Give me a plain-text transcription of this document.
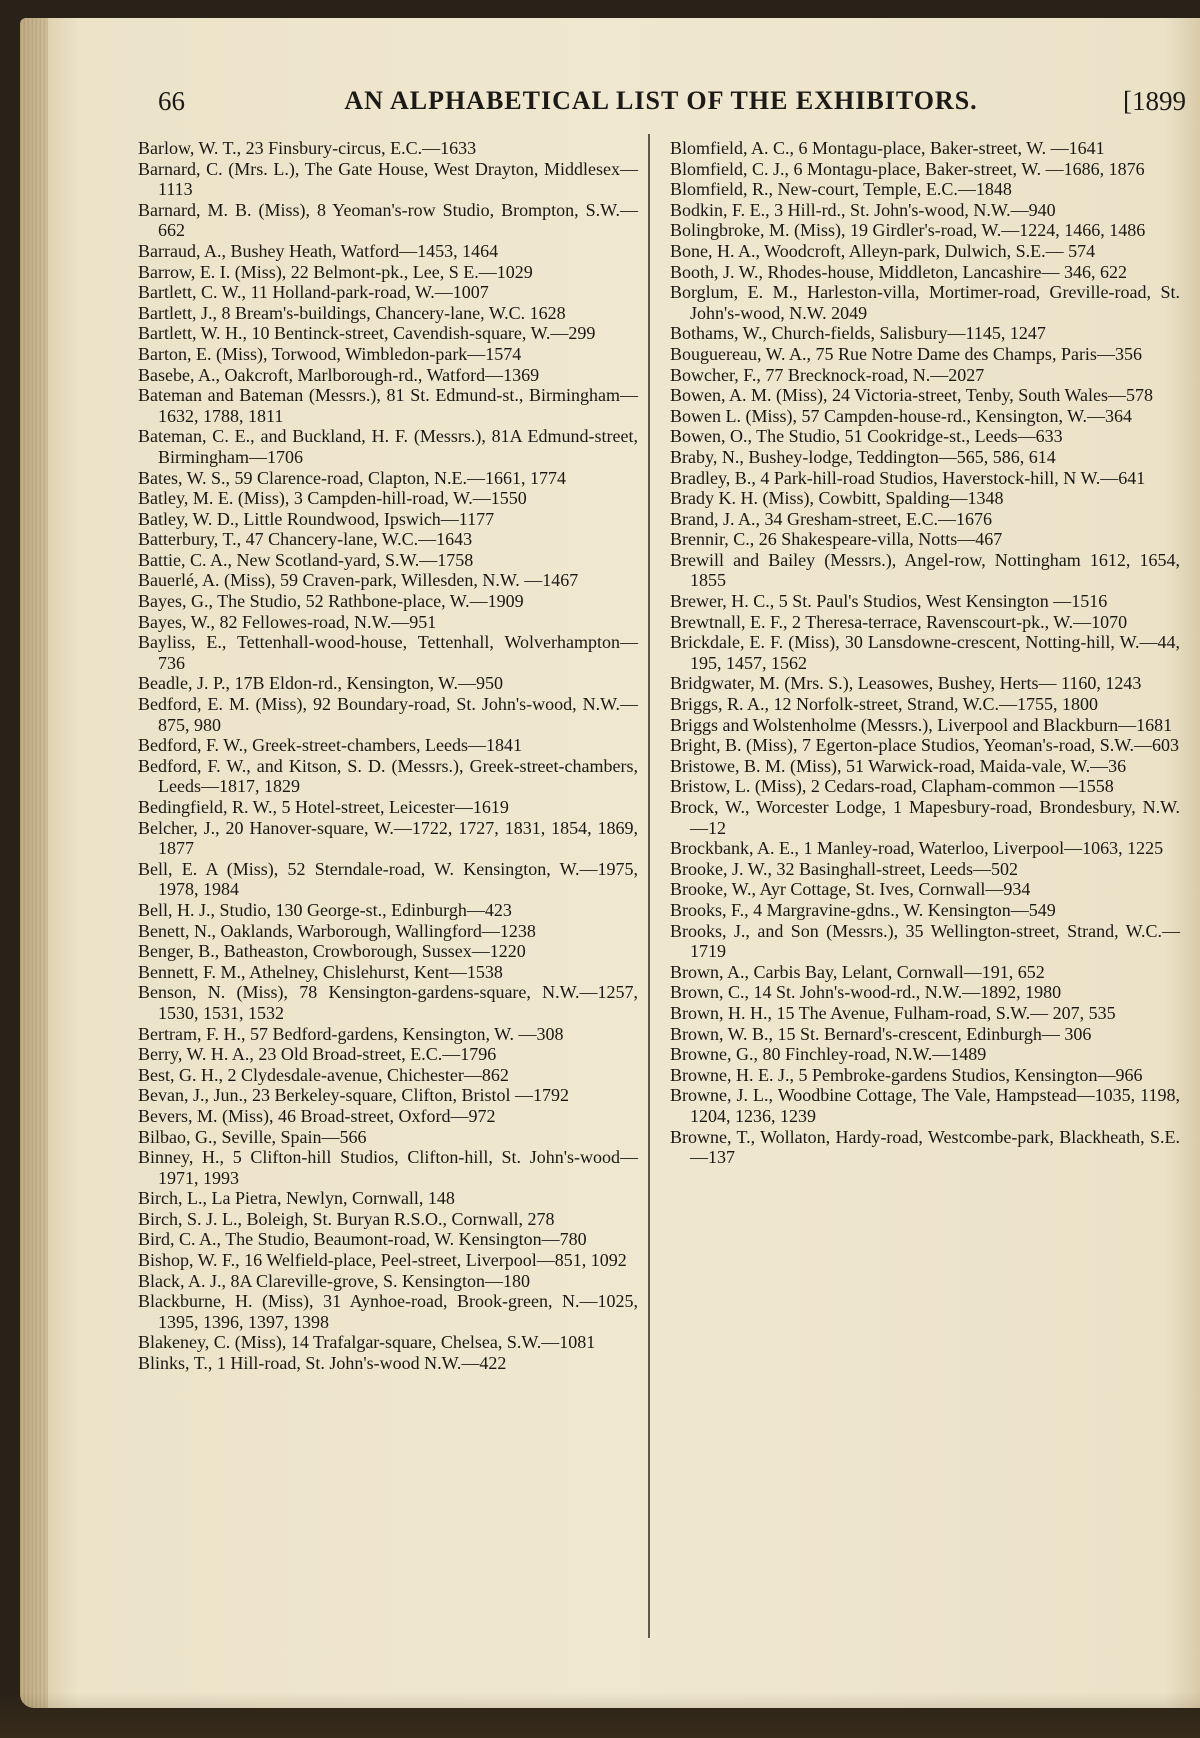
66	AN ALPHABETICAL LIST OF THE EXHIBITORS.	[1899

Barlow, W. T., 23 Finsbury-circus, E.C.—1633

Barnard, C. (Mrs. L.), The Gate House, West Drayton, Middlesex—1113

Barnard, M. B. (Miss), 8 Yeoman's-row Studio, Brompton, S.W.—662

Barraud, A., Bushey Heath, Watford—1453, 1464

Barrow, E. I. (Miss), 22 Belmont-pk., Lee, S E.—1029

Bartlett, C. W., 11 Holland-park-road, W.—1007

Bartlett, J., 8 Bream's-buildings, Chancery-lane, W.C. 1628

Bartlett, W. H., 10 Bentinck-street, Cavendish-square, W.—299

Barton, E. (Miss), Torwood, Wimbledon-park—1574

Basebe, A., Oakcroft, Marlborough-rd., Watford—1369

Bateman and Bateman (Messrs.), 81 St. Edmund-st., Birmingham—1632, 1788, 1811

Bateman, C. E., and Buckland, H. F. (Messrs.), 81A Edmund-street, Birmingham—1706

Bates, W. S., 59 Clarence-road, Clapton, N.E.—1661, 1774

Batley, M. E. (Miss), 3 Campden-hill-road, W.—1550

Batley, W. D., Little Roundwood, Ipswich—1177

Batterbury, T., 47 Chancery-lane, W.C.—1643

Battie, C. A., New Scotland-yard, S.W.—1758

Bauerlé, A. (Miss), 59 Craven-park, Willesden, N.W. —1467

Bayes, G., The Studio, 52 Rathbone-place, W.—1909

Bayes, W., 82 Fellowes-road, N.W.—951

Bayliss, E., Tettenhall-wood-house, Tettenhall, Wolverhampton—736

Beadle, J. P., 17B Eldon-rd., Kensington, W.—950

Bedford, E. M. (Miss), 92 Boundary-road, St. John's-wood, N.W.—875, 980

Bedford, F. W., Greek-street-chambers, Leeds—1841

Bedford, F. W., and Kitson, S. D. (Messrs.), Greek-street-chambers, Leeds—1817, 1829

Bedingfield, R. W., 5 Hotel-street, Leicester—1619

Belcher, J., 20 Hanover-square, W.—1722, 1727, 1831, 1854, 1869, 1877

Bell, E. A (Miss), 52 Sterndale-road, W. Kensington, W.—1975, 1978, 1984

Bell, H. J., Studio, 130 George-st., Edinburgh—423

Benett, N., Oaklands, Warborough, Wallingford—1238

Benger, B., Batheaston, Crowborough, Sussex—1220

Bennett, F. M., Athelney, Chislehurst, Kent—1538

Benson, N. (Miss), 78 Kensington-gardens-square, N.W.—1257, 1530, 1531, 1532

Bertram, F. H., 57 Bedford-gardens, Kensington, W. —308

Berry, W. H. A., 23 Old Broad-street, E.C.—1796

Best, G. H., 2 Clydesdale-avenue, Chichester—862

Bevan, J., Jun., 23 Berkeley-square, Clifton, Bristol —1792

Bevers, M. (Miss), 46 Broad-street, Oxford—972

Bilbao, G., Seville, Spain—566

Binney, H., 5 Clifton-hill Studios, Clifton-hill, St. John's-wood—1971, 1993

Birch, L., La Pietra, Newlyn, Cornwall, 148

Birch, S. J. L., Boleigh, St. Buryan R.S.O., Cornwall, 278

Bird, C. A., The Studio, Beaumont-road, W. Kensington—780

Bishop, W. F., 16 Welfield-place, Peel-street, Liverpool—851, 1092

Black, A. J., 8A Clareville-grove, S. Kensington—180

Blackburne, H. (Miss), 31 Aynhoe-road, Brook-green, N.—1025, 1395, 1396, 1397, 1398

Blakeney, C. (Miss), 14 Trafalgar-square, Chelsea, S.W.—1081

Blinks, T., 1 Hill-road, St. John's-wood N.W.—422

Blomfield, A. C., 6 Montagu-place, Baker-street, W. —1641

Blomfield, C. J., 6 Montagu-place, Baker-street, W. —1686, 1876

Blomfield, R., New-court, Temple, E.C.—1848

Bodkin, F. E., 3 Hill-rd., St. John's-wood, N.W.—940

Bolingbroke, M. (Miss), 19 Girdler's-road, W.—1224, 1466, 1486

Bone, H. A., Woodcroft, Alleyn-park, Dulwich, S.E.— 574

Booth, J. W., Rhodes-house, Middleton, Lancashire— 346, 622

Borglum, E. M., Harleston-villa, Mortimer-road, Greville-road, St. John's-wood, N.W. 2049

Bothams, W., Church-fields, Salisbury—1145, 1247

Bouguereau, W. A., 75 Rue Notre Dame des Champs, Paris—356

Bowcher, F., 77 Brecknock-road, N.—2027

Bowen, A. M. (Miss), 24 Victoria-street, Tenby, South Wales—578

Bowen L. (Miss), 57 Campden-house-rd., Kensington, W.—364

Bowen, O., The Studio, 51 Cookridge-st., Leeds—633

Braby, N., Bushey-lodge, Teddington—565, 586, 614

Bradley, B., 4 Park-hill-road Studios, Haverstock-hill, N W.—641

Brady K. H. (Miss), Cowbitt, Spalding—1348

Brand, J. A., 34 Gresham-street, E.C.—1676

Brennir, C., 26 Shakespeare-villa, Notts—467

Brewill and Bailey (Messrs.), Angel-row, Nottingham 1612, 1654, 1855

Brewer, H. C., 5 St. Paul's Studios, West Kensington —1516

Brewtnall, E. F., 2 Theresa-terrace, Ravenscourt-pk., W.—1070

Brickdale, E. F. (Miss), 30 Lansdowne-crescent, Notting-hill, W.—44, 195, 1457, 1562

Bridgwater, M. (Mrs. S.), Leasowes, Bushey, Herts— 1160, 1243

Briggs, R. A., 12 Norfolk-street, Strand, W.C.—1755, 1800

Briggs and Wolstenholme (Messrs.), Liverpool and Blackburn—1681

Bright, B. (Miss), 7 Egerton-place Studios, Yeoman's-road, S.W.—603

Bristowe, B. M. (Miss), 51 Warwick-road, Maida-vale, W.—36

Bristow, L. (Miss), 2 Cedars-road, Clapham-common —1558

Brock, W., Worcester Lodge, 1 Mapesbury-road, Brondesbury, N.W.—12

Brockbank, A. E., 1 Manley-road, Waterloo, Liverpool—1063, 1225

Brooke, J. W., 32 Basinghall-street, Leeds—502

Brooke, W., Ayr Cottage, St. Ives, Cornwall—934

Brooks, F., 4 Margravine-gdns., W. Kensington—549

Brooks, J., and Son (Messrs.), 35 Wellington-street, Strand, W.C.—1719

Brown, A., Carbis Bay, Lelant, Cornwall—191, 652

Brown, C., 14 St. John's-wood-rd., N.W.—1892, 1980

Brown, H. H., 15 The Avenue, Fulham-road, S.W.— 207, 535

Brown, W. B., 15 St. Bernard's-crescent, Edinburgh— 306

Browne, G., 80 Finchley-road, N.W.—1489

Browne, H. E. J., 5 Pembroke-gardens Studios, Kensington—966

Browne, J. L., Woodbine Cottage, The Vale, Hampstead—1035, 1198, 1204, 1236, 1239

Browne, T., Wollaton, Hardy-road, Westcombe-park, Blackheath, S.E.—137
